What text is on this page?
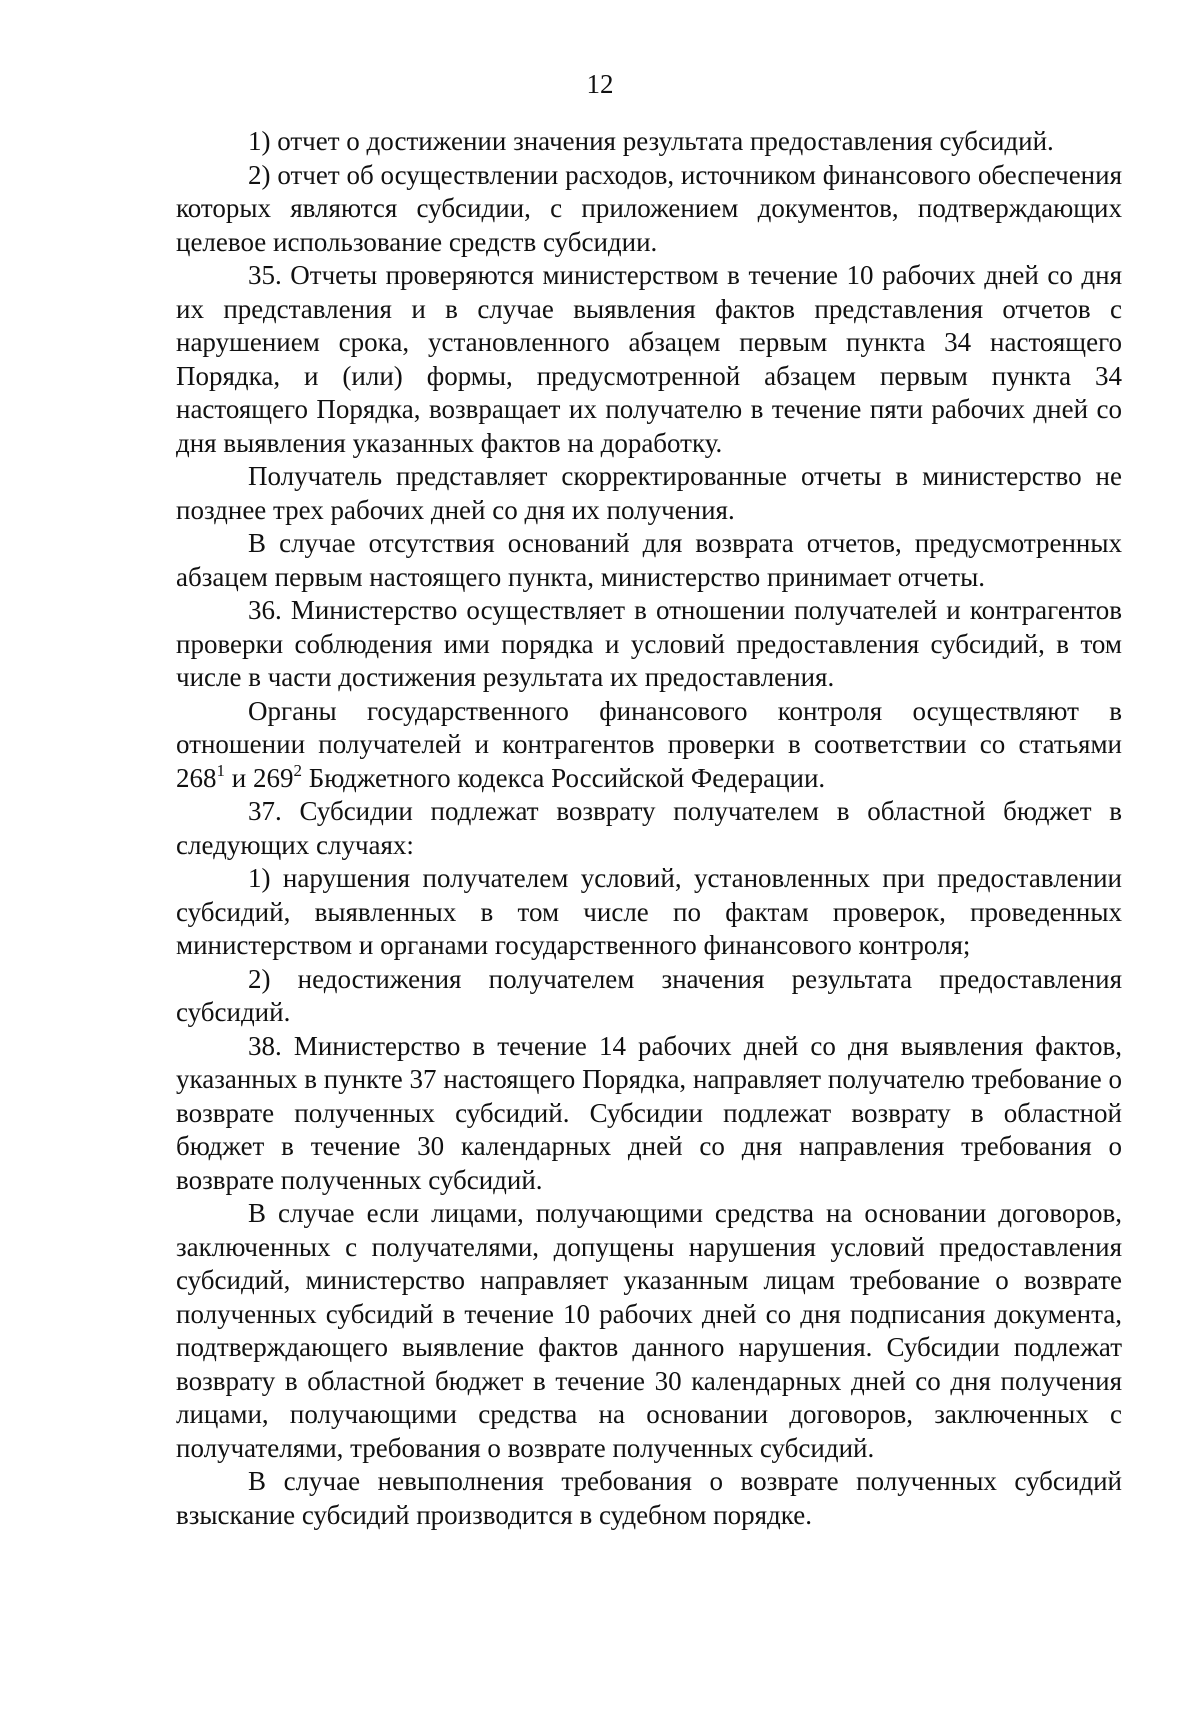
12

1) отчет о достижении значения результата предоставления субсидий.

2) отчет об осуществлении расходов, источником финансового обеспечения которых являются субсидии, с приложением документов, подтверждающих целевое использование средств субсидии.

35. Отчеты проверяются министерством в течение 10 рабочих дней со дня их представления и в случае выявления фактов представления отчетов с нарушением срока, установленного абзацем первым пункта 34 настоящего Порядка, и (или) формы, предусмотренной абзацем первым пункта 34 настоящего Порядка, возвращает их получателю в течение пяти рабочих дней со дня выявления указанных фактов на доработку.

Получатель представляет скорректированные отчеты в министерство не позднее трех рабочих дней со дня их получения.

В случае отсутствия оснований для возврата отчетов, предусмотренных абзацем первым настоящего пункта, министерство принимает отчеты.

36. Министерство осуществляет в отношении получателей и контрагентов проверки соблюдения ими порядка и условий предоставления субсидий, в том числе в части достижения результата их предоставления.

Органы государственного финансового контроля осуществляют в отношении получателей и контрагентов проверки в соответствии со статьями $268^1$ и $269^2$ Бюджетного кодекса Российской Федерации.

37. Субсидии подлежат возврату получателем в областной бюджет в следующих случаях:

1) нарушения получателем условий, установленных при предоставлении субсидий, выявленных в том числе по фактам проверок, проведенных министерством и органами государственного финансового контроля;

2) недостижения получателем значения результата предоставления субсидий.

38. Министерство в течение 14 рабочих дней со дня выявления фактов, указанных в пункте 37 настоящего Порядка, направляет получателю требование о возврате полученных субсидий. Субсидии подлежат возврату в областной бюджет в течение 30 календарных дней со дня направления требования о возврате полученных субсидий.

В случае если лицами, получающими средства на основании договоров, заключенных с получателями, допущены нарушения условий предоставления субсидий, министерство направляет указанным лицам требование о возврате полученных субсидий в течение 10 рабочих дней со дня подписания документа, подтверждающего выявление фактов данного нарушения. Субсидии подлежат возврату в областной бюджет в течение 30 календарных дней со дня получения лицами, получающими средства на основании договоров, заключенных с получателями, требования о возврате полученных субсидий.

В случае невыполнения требования о возврате полученных субсидий взыскание субсидий производится в судебном порядке.
